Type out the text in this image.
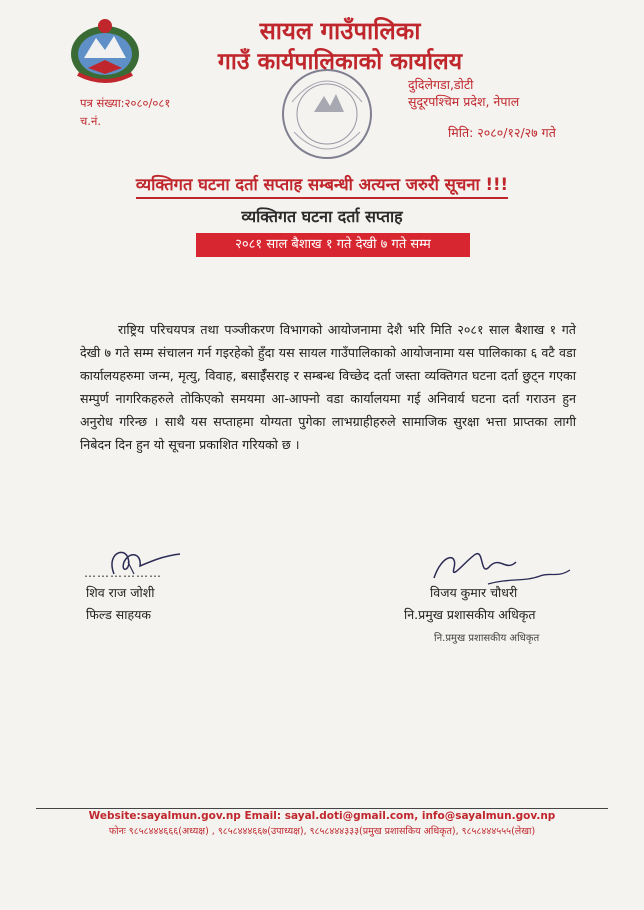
सायल गाउँपालिका
गाउँ कार्यपालिकाको कार्यालय
पत्र संख्या:२०८०/०८१
च.नं.
दुदिलेगडा,डोटी
सुदूरपश्चिम प्रदेश, नेपाल
मिति: २०८०/१२/२७ गते
व्यक्तिगत घटना दर्ता सप्ताह सम्बन्धी अत्यन्त जरुरी सूचना !!!
व्यक्तिगत घटना दर्ता सप्ताह
२०८१ साल बैशाख १ गते देखी ७ गते सम्म

राष्ट्रिय परिचयपत्र तथा पञ्जीकरण विभागको आयोजनामा देशै भरि मिति २०८१ साल बैशाख १ गते देखी ७ गते सम्म संचालन गर्न गइरहेको हुँदा यस सायल गाउँपालिकाको आयोजनामा यस पालिकाका ६ वटै वडा कार्यालयहरुमा जन्म, मृत्यु, विवाह, बसाईँसराइ र सम्बन्ध विच्छेद दर्ता जस्ता व्यक्तिगत घटना दर्ता छुट्न गएका सम्पुर्ण नागरिकहरुले तोकिएको समयमा आ-आफ्नो वडा कार्यालयमा गई अनिवार्य घटना दर्ता गराउन हुन अनुरोध गरिन्छ । साथै यस सप्ताहमा योग्यता पुगेका लाभग्राहीहरुले सामाजिक सुरक्षा भत्ता प्राप्तका लागी निबेदन दिन हुन यो सूचना प्रकाशित गरियको छ ।

………………
शिव राज जोशी
फिल्ड साहयक
विजय कुमार चौधरी
नि.प्रमुख प्रशासकीय अधिकृत
नि.प्रमुख प्रशासकीय अधिकृत
Website:sayalmun.gov.np Email: sayal.doti@gmail.com, info@sayalmun.gov.np
फोनः ९८५८४४४६६६(अध्यक्ष) , ९८५८४४४६६७(उपाध्यक्ष), ९८५८४४४३३३(प्रमुख प्रशासकिय अधिकृत), ९८५८४४४५५५(लेखा)
